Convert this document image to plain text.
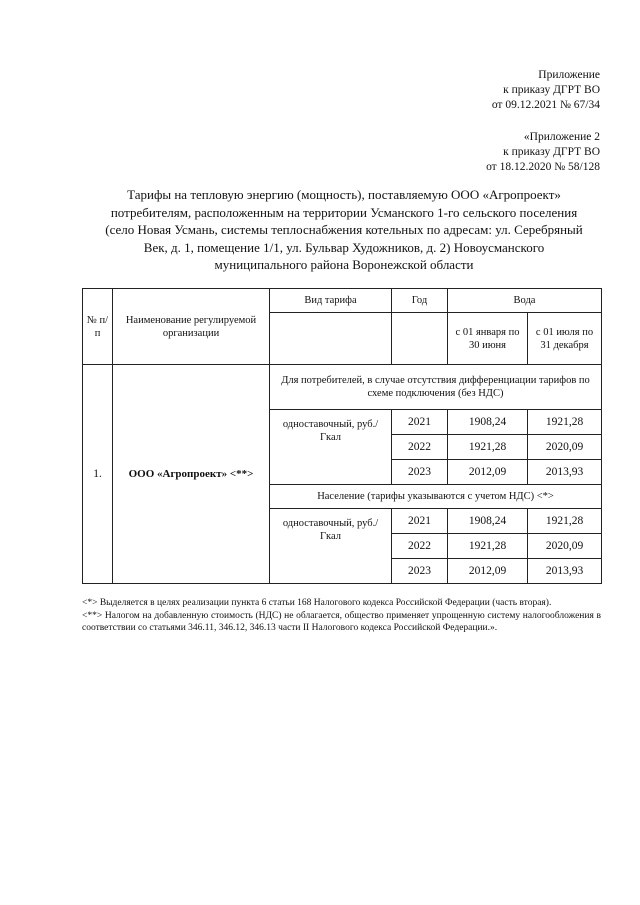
Приложение
к приказу ДГРТ ВО
от 09.12.2021 № 67/34
«Приложение 2
к приказу ДГРТ ВО
от 18.12.2020 № 58/128
Тарифы на тепловую энергию (мощность), поставляемую ООО «Агропроект»
потребителям, расположенным на территории Усманского 1-го сельского поселения
(село Новая Усмань, системы теплоснабжения котельных по адресам: ул. Серебряный
Век, д. 1, помещение 1/1, ул. Бульвар Художников, д. 2) Новоусманского
муниципального района Воронежской области
№ п/п	Наименование регулируемой организации	Вид тарифа	Год	Вода	
				с 01 января по 30 июня	с 01 июля по 31 декабря
1.	ООО «Агропроект» <**>	Для потребителей, в случае отсутствия дифференциации тарифов по схеме подключения (без НДС)			
		одноставочный, руб./Гкал	2021	1908,24	1921,28
			2022	1921,28	2020,09
			2023	2012,09	2013,93
		Население (тарифы указываются с учетом НДС) <*>			
		одноставочный, руб./Гкал	2021	1908,24	1921,28
			2022	1921,28	2020,09
			2023	2012,09	2013,93

<*> Выделяется в целях реализации пункта 6 статьи 168 Налогового кодекса Российской Федерации (часть вторая).

<**> Налогом на добавленную стоимость (НДС) не облагается, общество применяет упрощенную систему налогообложения в соответствии со статьями 346.11, 346.12, 346.13 части II Налогового кодекса Российской Федерации.».
